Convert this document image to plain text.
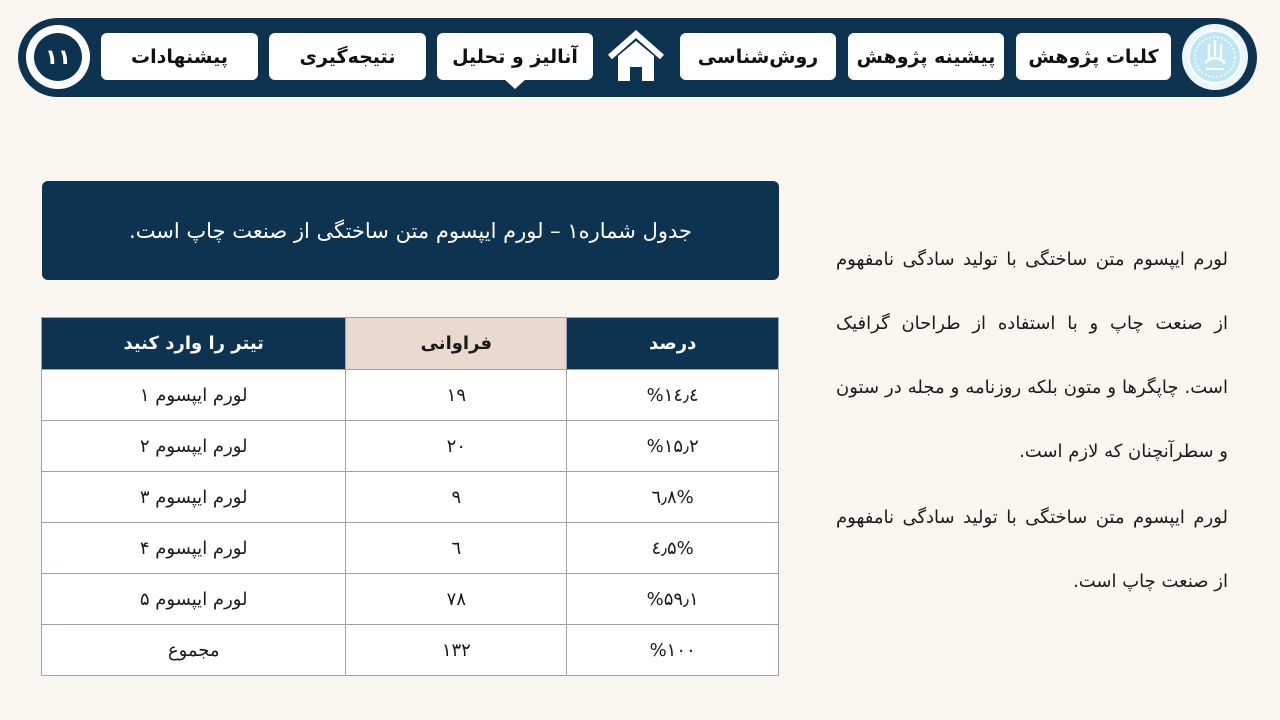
کلیات پژوهش
پیشینه پژوهش
روش‌شناسی
آنالیز و تحلیل
نتیجه‌گیری
پیشنهادات
۱۱
جدول شماره۱ – لورم ایپسوم متن ساختگی از صنعت چاپ است.
درصد	فراوانی	تیتر را وارد کنید
%۱٤٫٤	۱۹	لورم ایپسوم ۱
%۱۵٫۲	۲۰	لورم ایپسوم ۲
%٦٫۸	۹	لورم ایپسوم ۳
%٤٫۵	٦	لورم ایپسوم ۴
%۵۹٫۱	۷۸	لورم ایپسوم ۵
%۱۰۰	۱۳۲	مجموع

لورم ایپسوم متن ساختگی با تولید سادگی نامفهوم از صنعت چاپ و با استفاده از طراحان گرافیک است. چاپگرها و متون بلکه روزنامه و مجله در ستون و سطرآنچنان که لازم است.

لورم ایپسوم متن ساختگی با تولید سادگی نامفهوم از صنعت چاپ است.
